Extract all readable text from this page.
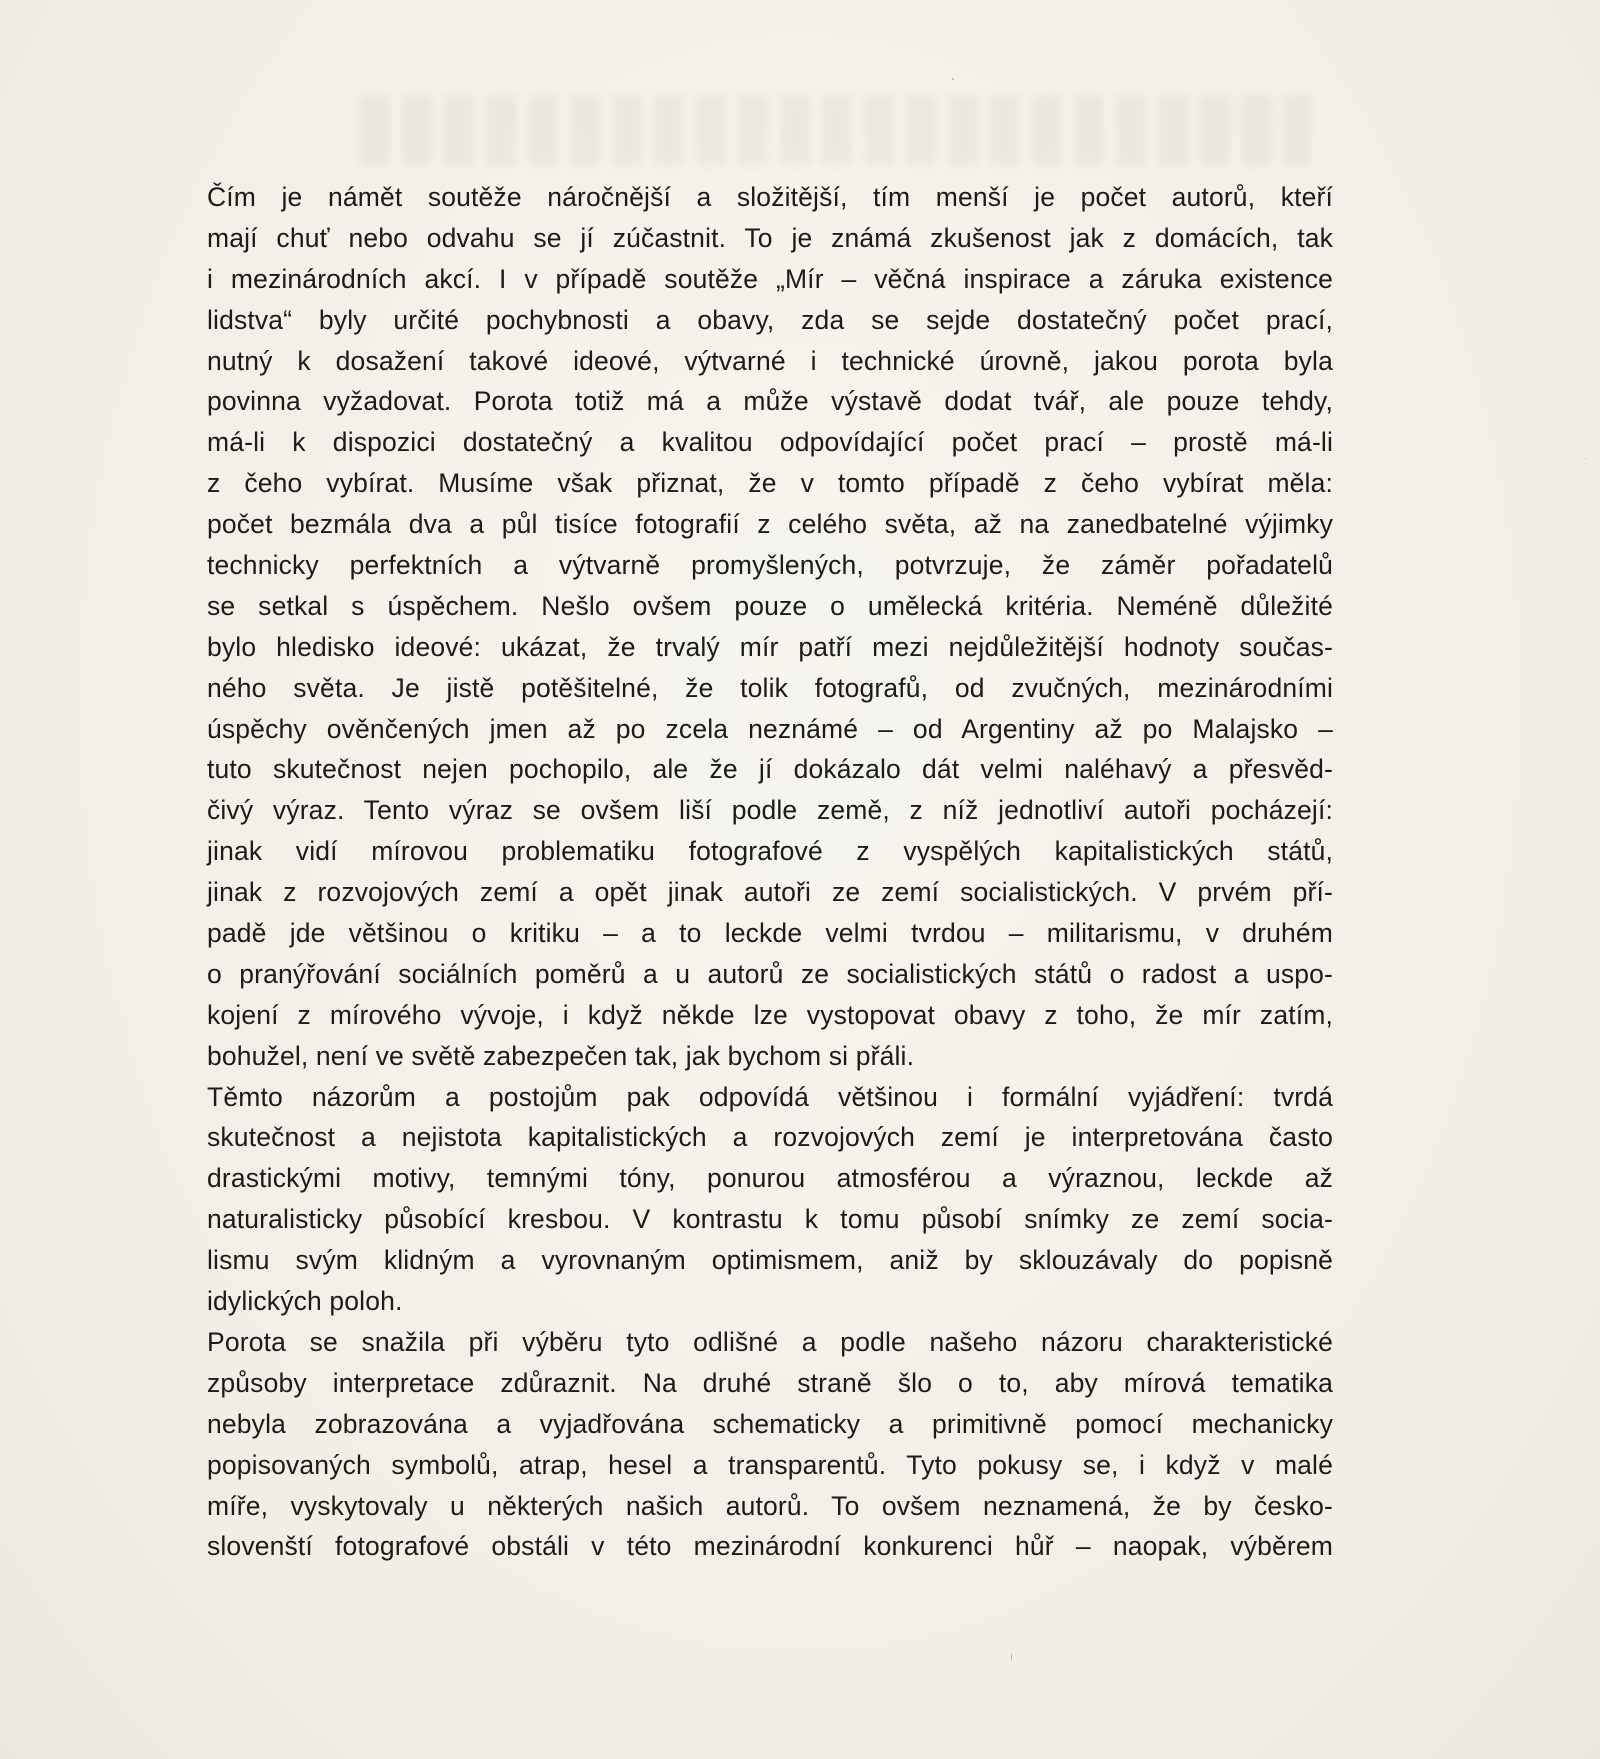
Čím je námět soutěže náročnější a složitější, tím menší je počet autorů, kteří
mají chuť nebo odvahu se jí zúčastnit. To je známá zkušenost jak z domácích, tak
i mezinárodních akcí. I v případě soutěže „Mír – věčná inspirace a záruka existence
lidstva“ byly určité pochybnosti a obavy, zda se sejde dostatečný počet prací,
nutný k dosažení takové ideové, výtvarné i technické úrovně, jakou porota byla
povinna vyžadovat. Porota totiž má a může výstavě dodat tvář, ale pouze tehdy,
má-li k dispozici dostatečný a kvalitou odpovídající počet prací – prostě má-li
z čeho vybírat. Musíme však přiznat, že v tomto případě z čeho vybírat měla:
počet bezmála dva a půl tisíce fotografií z celého světa, až na zanedbatelné výjimky
technicky perfektních a výtvarně promyšlených, potvrzuje, že záměr pořadatelů
se setkal s úspěchem. Nešlo ovšem pouze o umělecká kritéria. Neméně důležité
bylo hledisko ideové: ukázat, že trvalý mír patří mezi nejdůležitější hodnoty součas-
ného světa. Je jistě potěšitelné, že tolik fotografů, od zvučných, mezinárodními
úspěchy ověnčených jmen až po zcela neznámé – od Argentiny až po Malajsko –
tuto skutečnost nejen pochopilo, ale že jí dokázalo dát velmi naléhavý a přesvěd-
čivý výraz. Tento výraz se ovšem liší podle země, z níž jednotliví autoři pocházejí:
jinak vidí mírovou problematiku fotografové z vyspělých kapitalistických států,
jinak z rozvojových zemí a opět jinak autoři ze zemí socialistických. V prvém pří-
padě jde většinou o kritiku – a to leckde velmi tvrdou – militarismu, v druhém
o pranýřování sociálních poměrů a u autorů ze socialistických států o radost a uspo-
kojení z mírového vývoje, i když někde lze vystopovat obavy z toho, že mír zatím,
bohužel, není ve světě zabezpečen tak, jak bychom si přáli.
Těmto názorům a postojům pak odpovídá většinou i formální vyjádření: tvrdá
skutečnost a nejistota kapitalistických a rozvojových zemí je interpretována často
drastickými motivy, temnými tóny, ponurou atmosférou a výraznou, leckde až
naturalisticky působící kresbou. V kontrastu k tomu působí snímky ze zemí socia-
lismu svým klidným a vyrovnaným optimismem, aniž by sklouzávaly do popisně
idylických poloh.
Porota se snažila při výběru tyto odlišné a podle našeho názoru charakteristické
způsoby interpretace zdůraznit. Na druhé straně šlo o to, aby mírová tematika
nebyla zobrazována a vyjadřována schematicky a primitivně pomocí mechanicky
popisovaných symbolů, atrap, hesel a transparentů. Tyto pokusy se, i když v malé
míře, vyskytovaly u některých našich autorů. To ovšem neznamená, že by česko-
slovenští fotografové obstáli v této mezinárodní konkurenci hůř – naopak, výběrem
